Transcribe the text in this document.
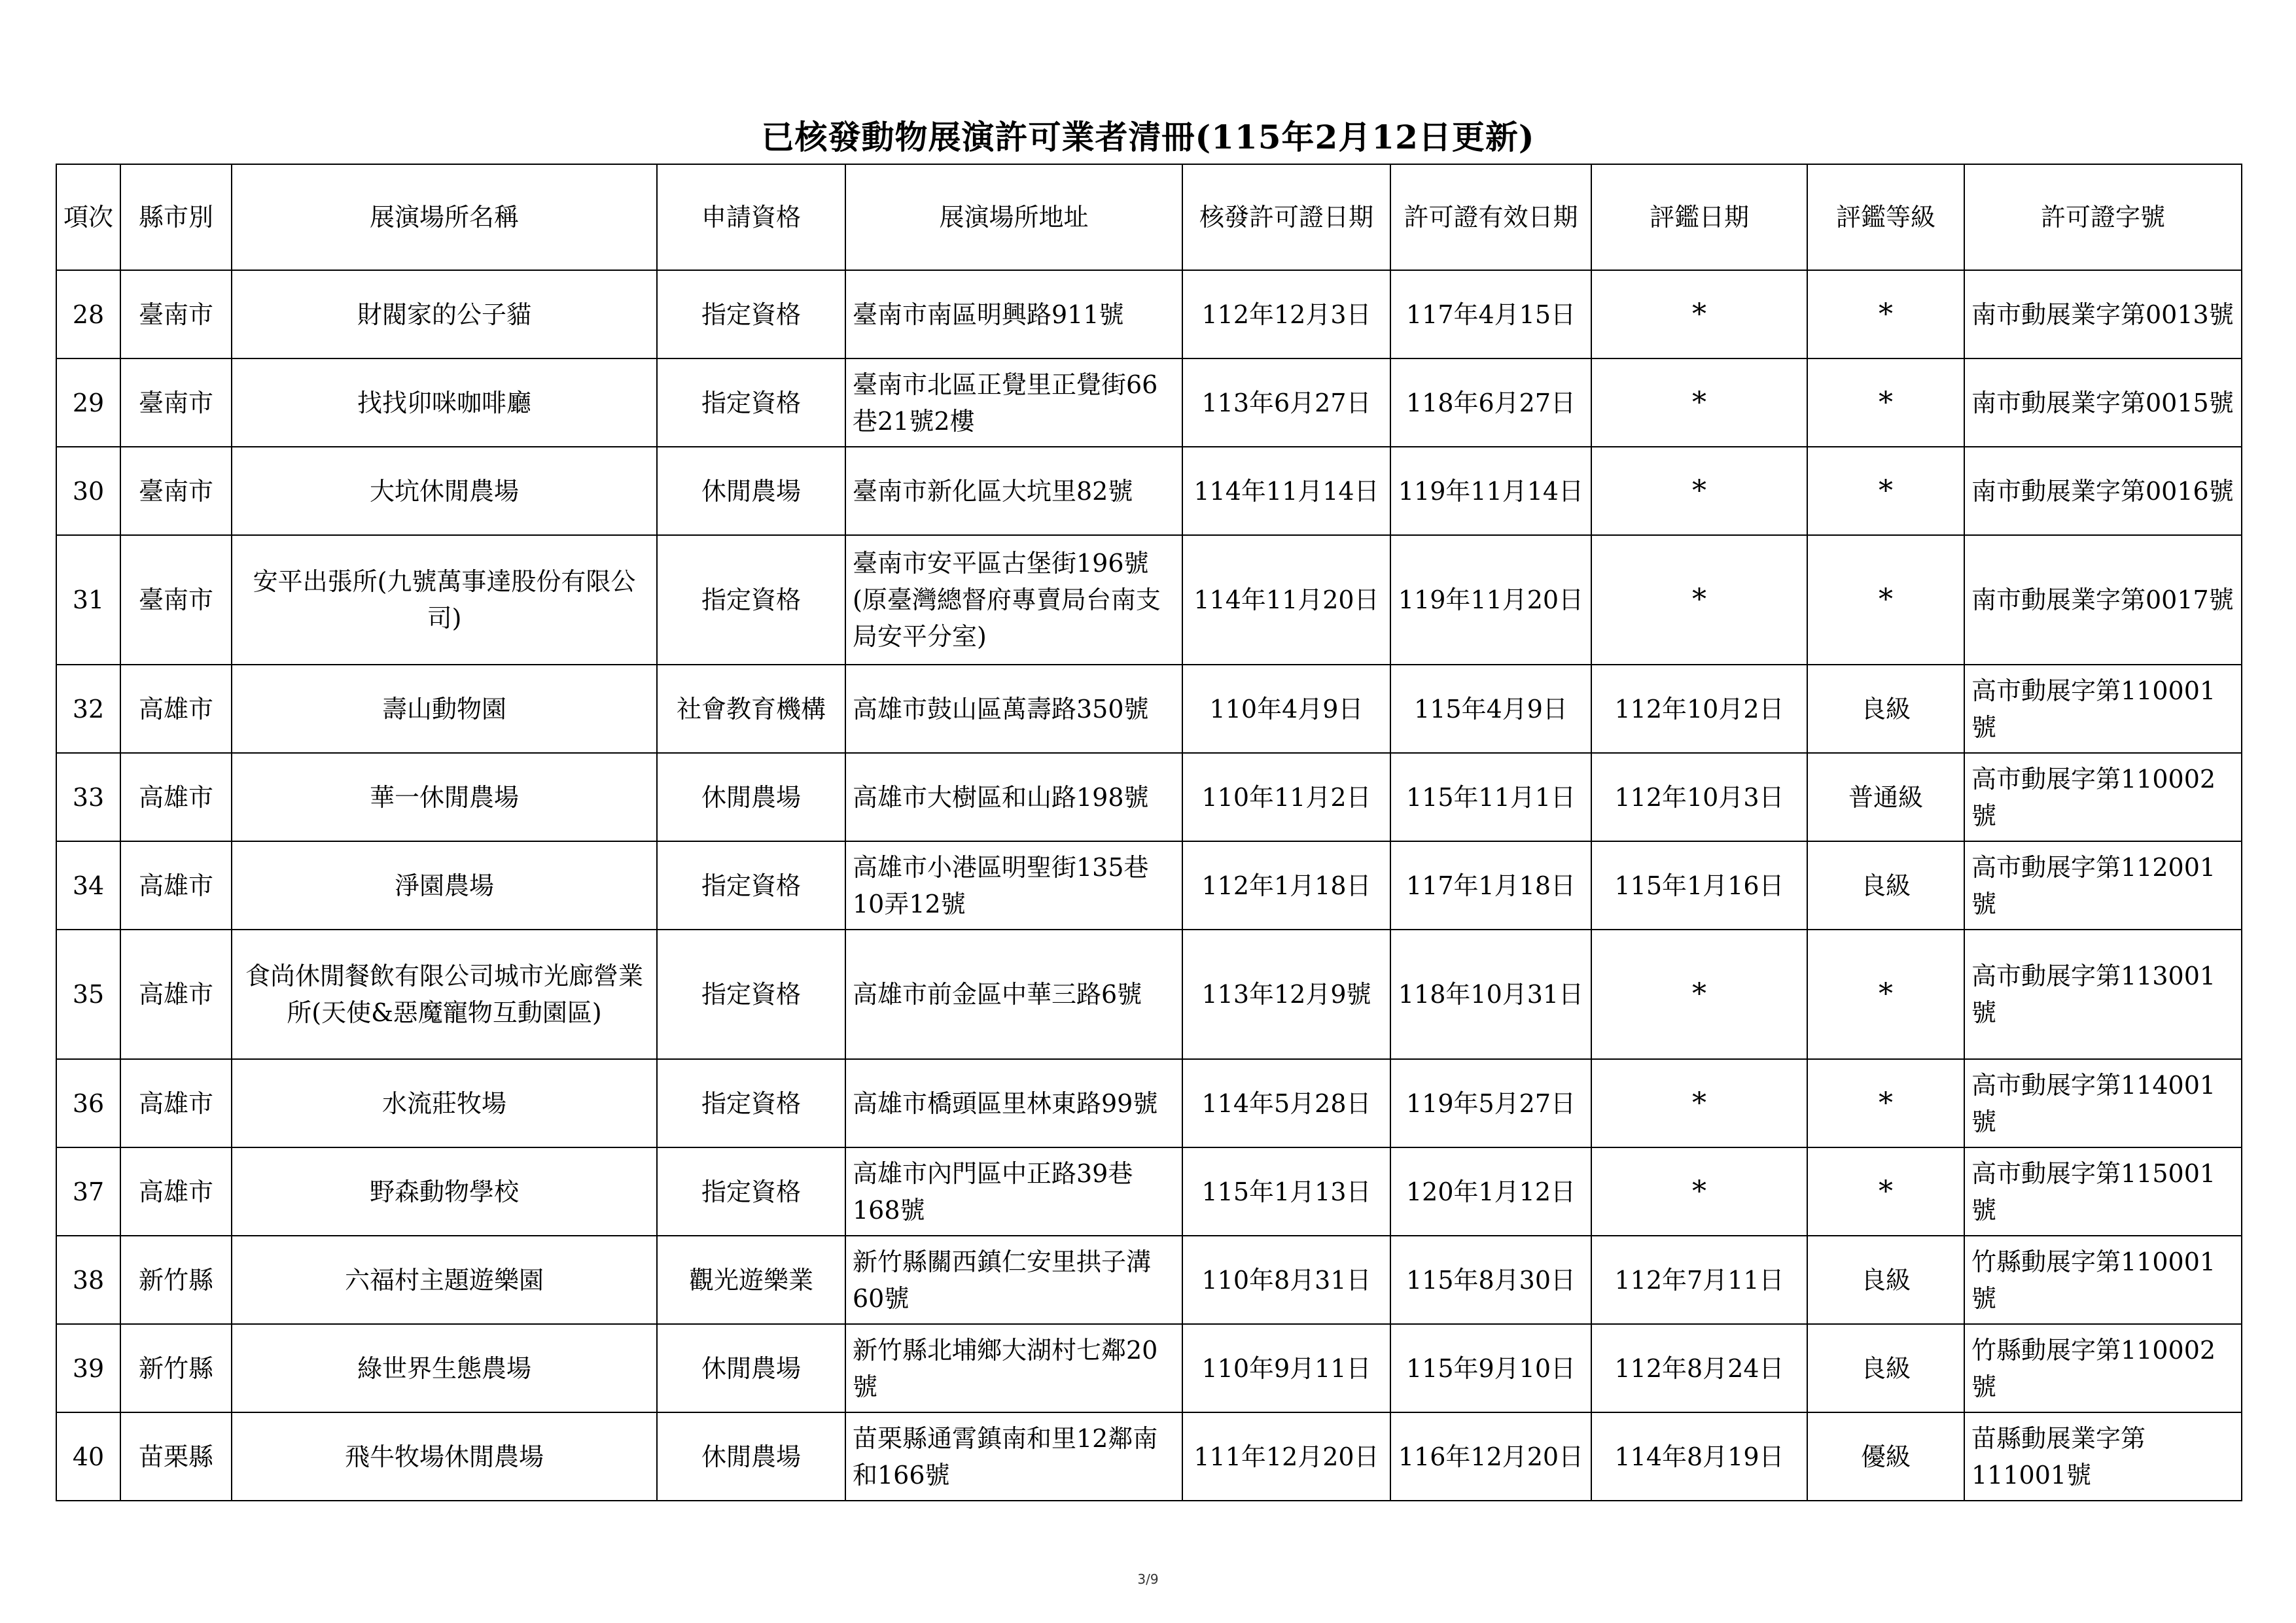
已核發動物展演許可業者清冊(115年2月12日更新)
項次	縣市別	展演場所名稱	申請資格	展演場所地址	核發許可證日期	許可證有效日期	評鑑日期	評鑑等級	許可證字號
28	臺南市	財閥家的公子貓	指定資格	臺南市南區明興路911號	112年12月3日	117年4月15日	*	*	南市動展業字第0013號
29	臺南市	找找卯咪咖啡廳	指定資格	臺南市北區正覺里正覺街66巷21號2樓	113年6月27日	118年6月27日	*	*	南市動展業字第0015號
30	臺南市	大坑休閒農場	休閒農場	臺南市新化區大坑里82號	114年11月14日	119年11月14日	*	*	南市動展業字第0016號
31	臺南市	安平出張所(九號萬事達股份有限公司)	指定資格	臺南市安平區古堡街196號(原臺灣總督府專賣局台南支局安平分室)	114年11月20日	119年11月20日	*	*	南市動展業字第0017號
32	高雄市	壽山動物園	社會教育機構	高雄市鼓山區萬壽路350號	110年4月9日	115年4月9日	112年10月2日	良級	高市動展字第110001號
33	高雄市	華一休閒農場	休閒農場	高雄市大樹區和山路198號	110年11月2日	115年11月1日	112年10月3日	普通級	高市動展字第110002號
34	高雄市	淨園農場	指定資格	高雄市小港區明聖街135巷10弄12號	112年1月18日	117年1月18日	115年1月16日	良級	高市動展字第112001號
35	高雄市	食尚休閒餐飲有限公司城市光廊營業所(天使&惡魔寵物互動園區)	指定資格	高雄市前金區中華三路6號	113年12月9號	118年10月31日	*	*	高市動展字第113001號
36	高雄市	水流莊牧場	指定資格	高雄市橋頭區里林東路99號	114年5月28日	119年5月27日	*	*	高市動展字第114001號
37	高雄市	野森動物學校	指定資格	高雄市內門區中正路39巷168號	115年1月13日	120年1月12日	*	*	高市動展字第115001號
38	新竹縣	六福村主題遊樂園	觀光遊樂業	新竹縣關西鎮仁安里拱子溝60號	110年8月31日	115年8月30日	112年7月11日	良級	竹縣動展字第110001號
39	新竹縣	綠世界生態農場	休閒農場	新竹縣北埔鄉大湖村七鄰20號	110年9月11日	115年9月10日	112年8月24日	良級	竹縣動展字第110002號
40	苗栗縣	飛牛牧場休閒農場	休閒農場	苗栗縣通霄鎮南和里12鄰南和166號	111年12月20日	116年12月20日	114年8月19日	優級	苗縣動展業字第111001號
3/9
